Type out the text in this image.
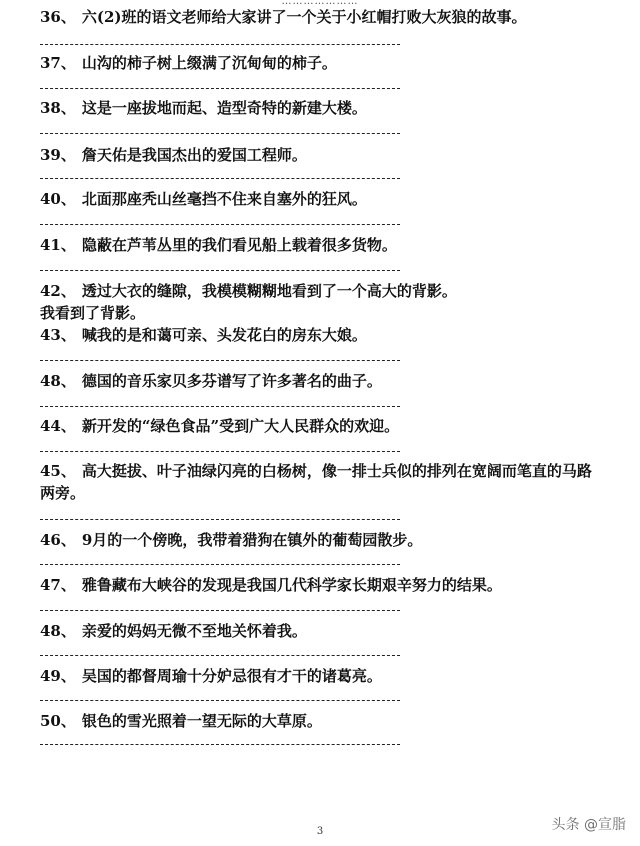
…………………
36、 六(2)班的语文老师给大家讲了一个关于小红帽打败大灰狼的故事。
37、 山沟的柿子树上缀满了沉甸甸的柿子。
38、 这是一座拔地而起、造型奇特的新建大楼。
39、 詹天佑是我国杰出的爱国工程师。
40、 北面那座秃山丝毫挡不住来自塞外的狂风。
41、 隐蔽在芦苇丛里的我们看见船上载着很多货物。
42、 透过大衣的缝隙，我模模糊糊地看到了一个高大的背影。
我看到了背影。
43、 喊我的是和蔼可亲、头发花白的房东大娘。
48、 德国的音乐家贝多芬谱写了许多著名的曲子。
44、 新开发的“绿色食品”受到广大人民群众的欢迎。
45、 高大挺拔、叶子油绿闪亮的白杨树，像一排士兵似的排列在宽阔而笔直的马路两旁。
46、 9月的一个傍晚，我带着猎狗在镇外的葡萄园散步。
47、 雅鲁藏布大峡谷的发现是我国几代科学家长期艰辛努力的结果。
48、 亲爱的妈妈无微不至地关怀着我。
49、 吴国的都督周瑜十分妒忌很有才干的诸葛亮。
50、 银色的雪光照着一望无际的大草原。
3	头条 @宣脂
